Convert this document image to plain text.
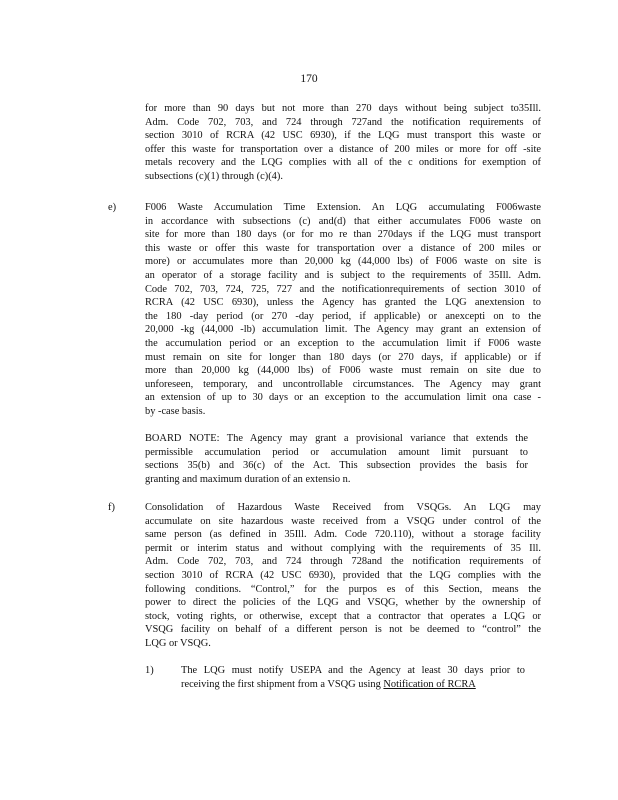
170
for more than 90 days but not more than 270 days without being subject to35Ill.
Adm. Code 702, 703, and 724 through 727and the notification requirements of
section 3010 of RCRA (42 USC 6930), if the LQG must transport this waste or
offer this waste for transportation over a distance of 200 miles or more for off -site
metals recovery and the LQG complies with all of the c onditions for exemption of
subsections (c)(1) through (c)(4).
e)	F006 Waste Accumulation Time Extension. An LQG accumulating F006waste
in accordance with subsections (c) and(d) that either accumulates F006 waste on
site for more than 180 days (or for mo re than 270days if the LQG must transport
this waste or offer this waste for transportation over a distance of 200 miles or
more) or accumulates more than 20,000 kg (44,000 lbs) of F006 waste on site is
an operator of a storage facility and is subject to the requirements of 35Ill. Adm.
Code 702, 703, 724, 725, 727 and the notificationrequirements of section 3010 of
RCRA (42 USC 6930), unless the Agency has granted the LQG anextension to
the 180 -day period (or 270 -day period, if applicable) or anexcepti on to the
20,000 -kg (44,000 -lb) accumulation limit. The Agency may grant an extension of
the accumulation period or an exception to the accumulation limit if F006 waste
must remain on site for longer than 180 days (or 270 days, if applicable) or if
more than 20,000 kg (44,000 lbs) of F006 waste must remain on site due to
unforeseen, temporary, and uncontrollable circumstances. The Agency may grant
an extension of up to 30 days or an exception to the accumulation limit ona case -
by -case basis.
BOARD NOTE: The Agency may grant a provisional variance that extends the
permissible accumulation period or accumulation amount limit pursuant to
sections 35(b) and 36(c) of the Act. This subsection provides the basis for
granting and maximum duration of an extensio n.
f)	Consolidation of Hazardous Waste Received from VSQGs. An LQG may
accumulate on site hazardous waste received from a VSQG under control of the
same person (as defined in 35Ill. Adm. Code 720.110), without a storage facility
permit or interim status and without complying with the requirements of 35 Ill.
Adm. Code 702, 703, and 724 through 728and the notification requirements of
section 3010 of RCRA (42 USC 6930), provided that the LQG complies with the
following conditions. “Control,” for the purpos es of this Section, means the
power to direct the policies of the LQG and VSQG, whether by the ownership of
stock, voting rights, or otherwise, except that a contractor that operates a LQG or
VSQG facility on behalf of a different person is not be deemed to “control” the
LQG or VSQG.
1)	The LQG must notify USEPA and the Agency at least 30 days prior to
receiving the first shipment from a VSQG using Notification of RCRA
